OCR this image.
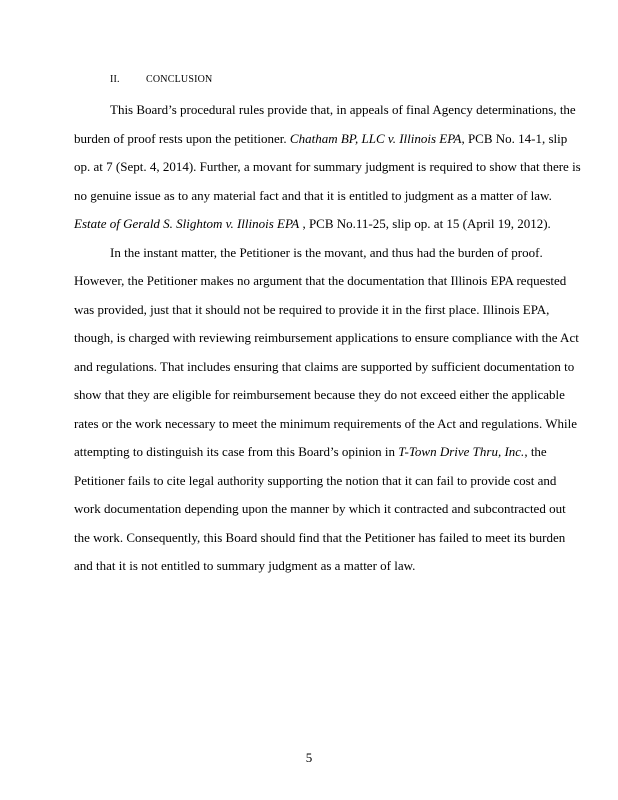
II.	CONCLUSION
This Board’s procedural rules provide that, in appeals of final Agency determinations, the
burden of proof rests upon the petitioner. Chatham BP, LLC v. Illinois EPA, PCB No. 14-1, slip
op. at 7 (Sept. 4, 2014). Further, a movant for summary judgment is required to show that there is
no genuine issue as to any material fact and that it is entitled to judgment as a matter of law.
Estate of Gerald S. Slightom v. Illinois EPA , PCB No.11-25, slip op. at 15 (April 19, 2012).
In the instant matter, the Petitioner is the movant, and thus had the burden of proof.
However, the Petitioner makes no argument that the documentation that Illinois EPA requested
was provided, just that it should not be required to provide it in the first place. Illinois EPA,
though, is charged with reviewing reimbursement applications to ensure compliance with the Act
and regulations. That includes ensuring that claims are supported by sufficient documentation to
show that they are eligible for reimbursement because they do not exceed either the applicable
rates or the work necessary to meet the minimum requirements of the Act and regulations. While
attempting to distinguish its case from this Board’s opinion in T-Town Drive Thru, Inc., the
Petitioner fails to cite legal authority supporting the notion that it can fail to provide cost and
work documentation depending upon the manner by which it contracted and subcontracted out
the work. Consequently, this Board should find that the Petitioner has failed to meet its burden
and that it is not entitled to summary judgment as a matter of law.
5
